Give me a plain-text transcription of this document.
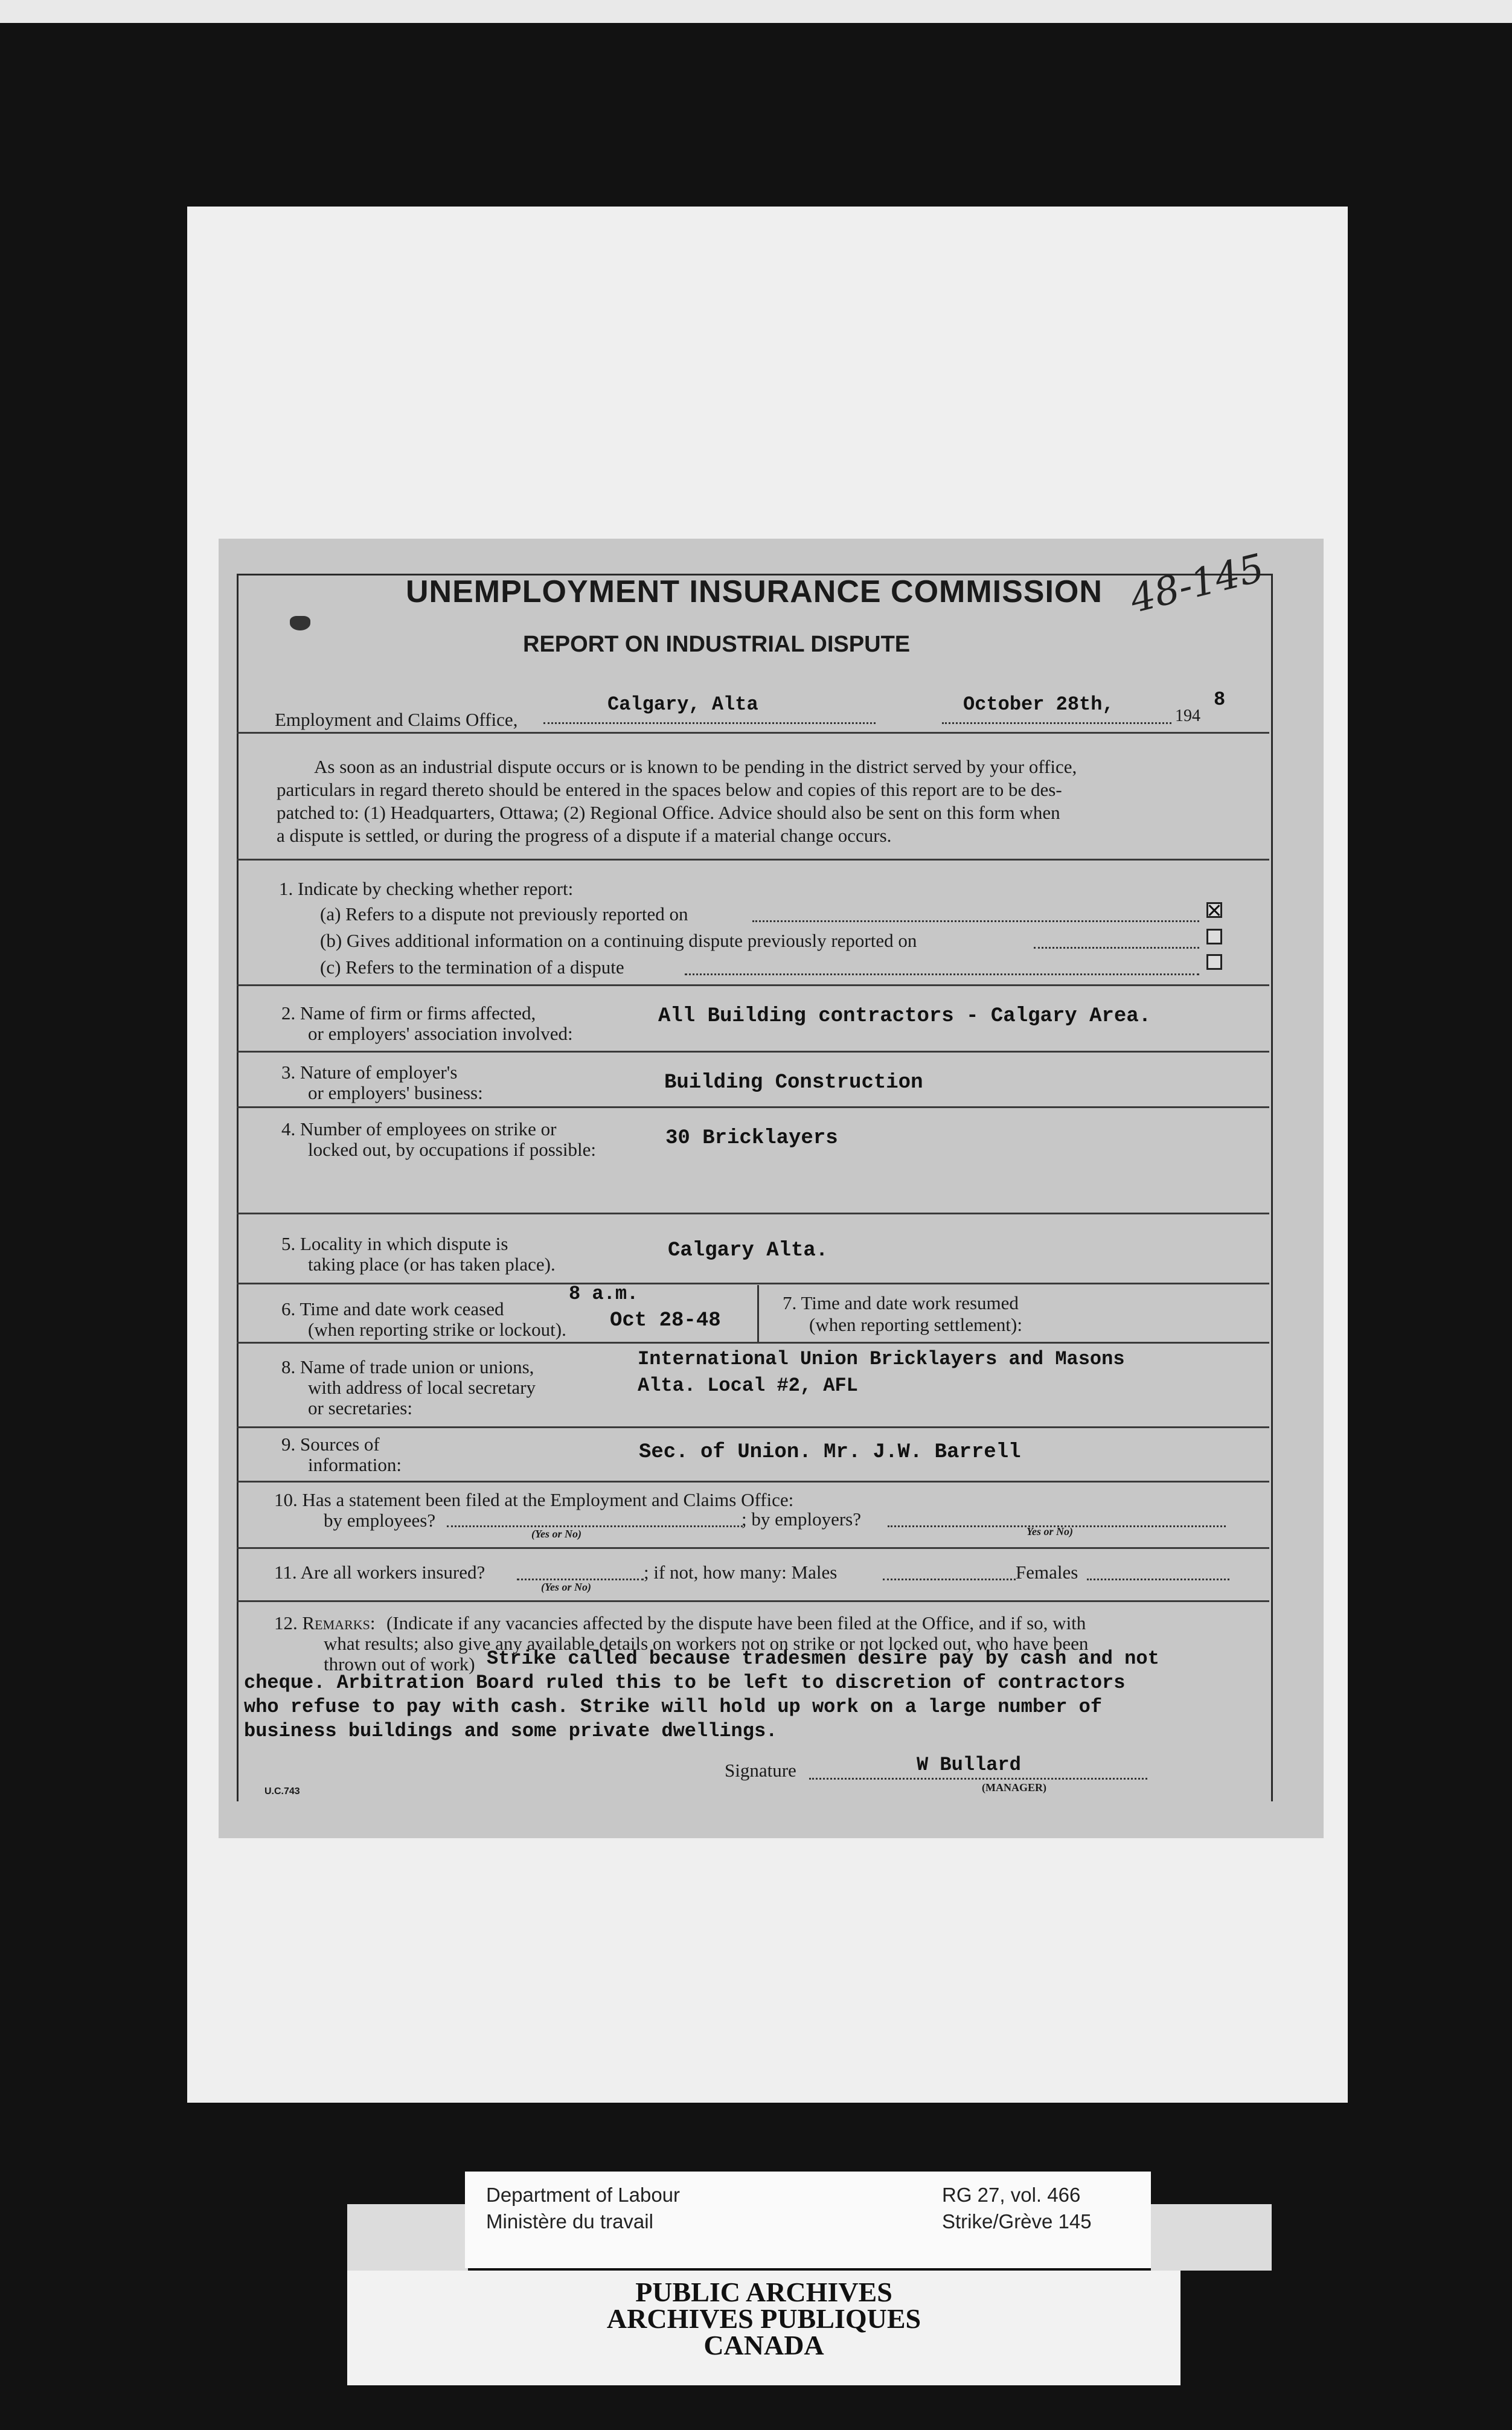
48-145
UNEMPLOYMENT INSURANCE COMMISSION
REPORT ON INDUSTRIAL DISPUTE
Employment and Claims Office,
Calgary, Alta	October 28th,
194
8
As soon as an industrial dispute occurs or is known to be pending in the district served by your office,
particulars in regard thereto should be entered in the spaces below and copies of this report are to be des-
patched to: (1) Headquarters, Ottawa; (2) Regional Office. Advice should also be sent on this form when
a dispute is settled, or during the progress of a dispute if a material change occurs.
1. Indicate by checking whether report:
(a) Refers to a dispute not previously reported on
(b) Gives additional information on a continuing dispute previously reported on
(c) Refers to the termination of a dispute
2. Name of firm or firms affected,
or employers' association involved:
All Building contractors - Calgary Area.
3. Nature of employer's
or employers' business:	Building Construction
4. Number of employees on strike or
locked out, by occupations if possible:	30 Bricklayers
5. Locality in which dispute is
taking place (or has taken place).
Calgary Alta.
6. Time and date work ceased
(when reporting strike or lockout).
8 a.m.
Oct 28-48
7. Time and date work resumed
(when reporting settlement):
8. Name of trade union or unions,
with address of local secretary
or secretaries:
International Union Bricklayers and Masons
Alta. Local #2, AFL
9. Sources of
information:
Sec. of Union. Mr. J.W. Barrell
10. Has a statement been filed at the Employment and Claims Office:
by employees?
(Yes or No)
; by employers?
Yes or No)
11. Are all workers insured?
(Yes or No)
; if not, how many: Males	Females
12. Remarks: (Indicate if any vacancies affected by the dispute have been filed at the Office, and if so, with
what results; also give any available details on workers not on strike or not locked out, who have been
thrown out of work) Strike called because tradesmen desire pay by cash and not
cheque. Arbitration Board ruled this to be left to discretion of contractors
who refuse to pay with cash. Strike will hold up work on a large number of
business buildings and some private dwellings.
Signature	W Bullard
(MANAGER)
U.C.743
Department of Labour
Ministère du travail
RG 27, vol. 466
Strike/Grève 145
PUBLIC ARCHIVES
ARCHIVES PUBLIQUES
CANADA
